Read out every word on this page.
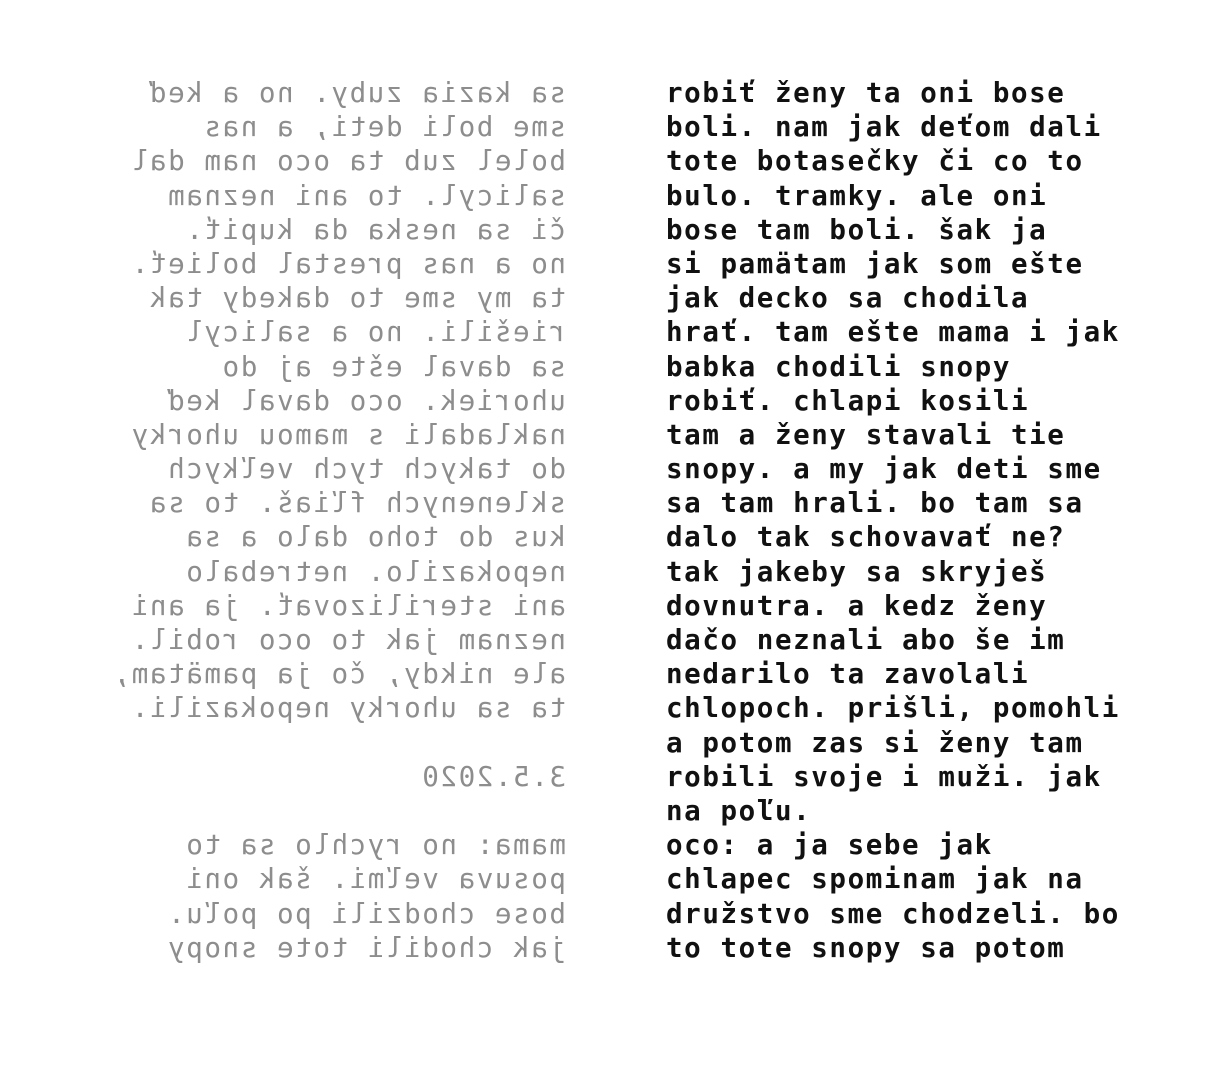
sa kazia zuby. no a keď
sme boli deti, a nas
bolel zub ta oco nam dal
salicyl. to ani neznam
či sa neska da kupiť.
no a nas prestal bolieť.
ta my sme to dakedy tak
riešili. no a salicyl
sa daval ešte aj do
uhoriek. oco daval keď
nakladali s mamou uhorky
do takych tych veľkych
sklenenych fľiaš. to sa
kus do toho dalo a sa
nepokazilo. netrebalo
ani sterilizovať. ja ani
neznam jak to oco robil.
ale nikdy, čo ja pamätam,
ta sa uhorky nepokazili.
3.5.2020
mama: no rychlo sa to
posuva veľmi. šak oni
bose chodzili po poľu.
jak chodili tote snopy
robiť ženy ta oni bose
boli. nam jak deťom dali
tote botasečky či co to
bulo. tramky. ale oni
bose tam boli. šak ja
si pamätam jak som ešte
jak decko sa chodila
hrať. tam ešte mama i jak
babka chodili snopy
robiť. chlapi kosili
tam a ženy stavali tie
snopy. a my jak deti sme
sa tam hrali. bo tam sa
dalo tak schovavať ne?
tak jakeby sa skryješ
dovnutra. a kedz ženy
dačo neznali abo še im
nedarilo ta zavolali
chlopoch. prišli, pomohli
a potom zas si ženy tam
robili svoje i muži. jak
na poľu.
oco: a ja sebe jak
chlapec spominam jak na
družstvo sme chodzeli. bo
to tote snopy sa potom
